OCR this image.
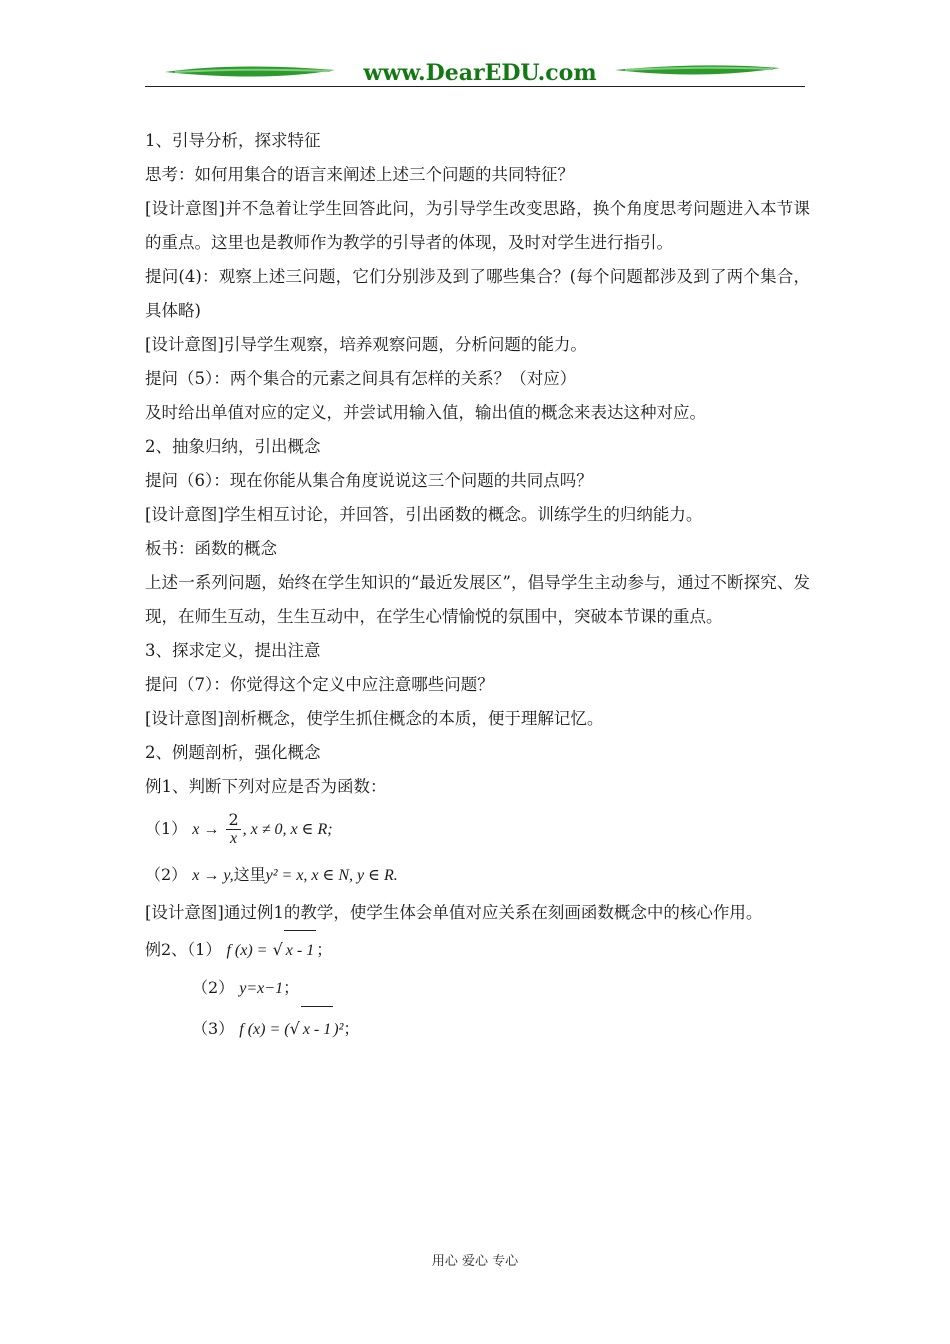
www.DearEDU.com

1、引导分析，探求特征

思考：如何用集合的语言来阐述上述三个问题的共同特征？

[设计意图]并不急着让学生回答此问，为引导学生改变思路，换个角度思考问题进入本节课的重点。这里也是教师作为教学的引导者的体现，及时对学生进行指引。

提问(4)：观察上述三问题，它们分别涉及到了哪些集合？(每个问题都涉及到了两个集合，具体略)

[设计意图]引导学生观察，培养观察问题，分析问题的能力。

提问（5）：两个集合的元素之间具有怎样的关系？（对应）

及时给出单值对应的定义，并尝试用输入值，输出值的概念来表达这种对应。

2、抽象归纳，引出概念

提问（6）：现在你能从集合角度说说这三个问题的共同点吗？

[设计意图]学生相互讨论，并回答，引出函数的概念。训练学生的归纳能力。

板书：函数的概念

上述一系列问题，始终在学生知识的“最近发展区”，倡导学生主动参与，通过不断探究、发现，在师生互动，生生互动中，在学生心情愉悦的氛围中，突破本节课的重点。

3、探求定义，提出注意

提问（7）：你觉得这个定义中应注意哪些问题？

[设计意图]剖析概念，使学生抓住概念的本质，便于理解记忆。

2、例题剖析，强化概念

例1、判断下列对应是否为函数：

（1） $x \to \frac{2}{x}$ , x ≠ 0, x ∈ R;

（2） x → y,这里y² = x, x ∈ N, y ∈ R.

[设计意图]通过例1的教学，使学生体会单值对应关系在刻画函数概念中的核心作用。

例2、（1） f (x) = √ x - 1 ；

（2） y=x−1；

（3） f (x) = (√ x - 1 )²；

用心 爱心 专心
